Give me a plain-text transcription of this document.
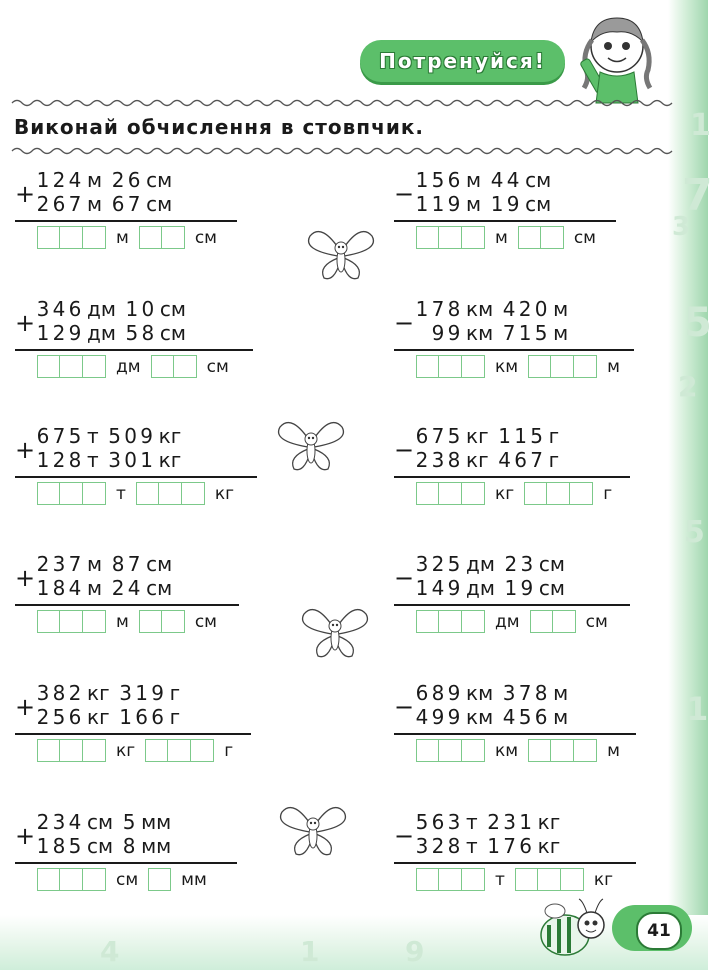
1
7
3
5
2
5
1
4	1	9
Потренуйся!
Виконай обчислення в стовпчик.
+ 1 2 4 м 2 6 см
2 6 7 м 6 7 см
м	см
− 1 5 6 м 4 4 см
1 1 9 м 1 9 см
м	см
+ 3 4 6 дм 1 0 см
1 2 9 дм 5 8 см
дм	см
− 1 7 8 км 4 2 0 м
9 9 км 7 1 5 м
км	м
+ 6 7 5 т 5 0 9 кг
1 2 8 т 3 0 1 кг
т	кг
− 6 7 5 кг 1 1 5 г
2 3 8 кг 4 6 7 г
кг	г
+ 2 3 7 м 8 7 см
1 8 4 м 2 4 см
м	см
− 3 2 5 дм 2 3 см
1 4 9 дм 1 9 см
дм	см
+ 3 8 2 кг 3 1 9 г
2 5 6 кг 1 6 6 г
кг	г
− 6 8 9 км 3 7 8 м
4 9 9 км 4 5 6 м
км	м
+ 2 3 4 см 5 мм
1 8 5 см 8 мм
см	мм
− 5 6 3 т 2 3 1 кг
3 2 8 т 1 7 6 кг
т	кг
41
